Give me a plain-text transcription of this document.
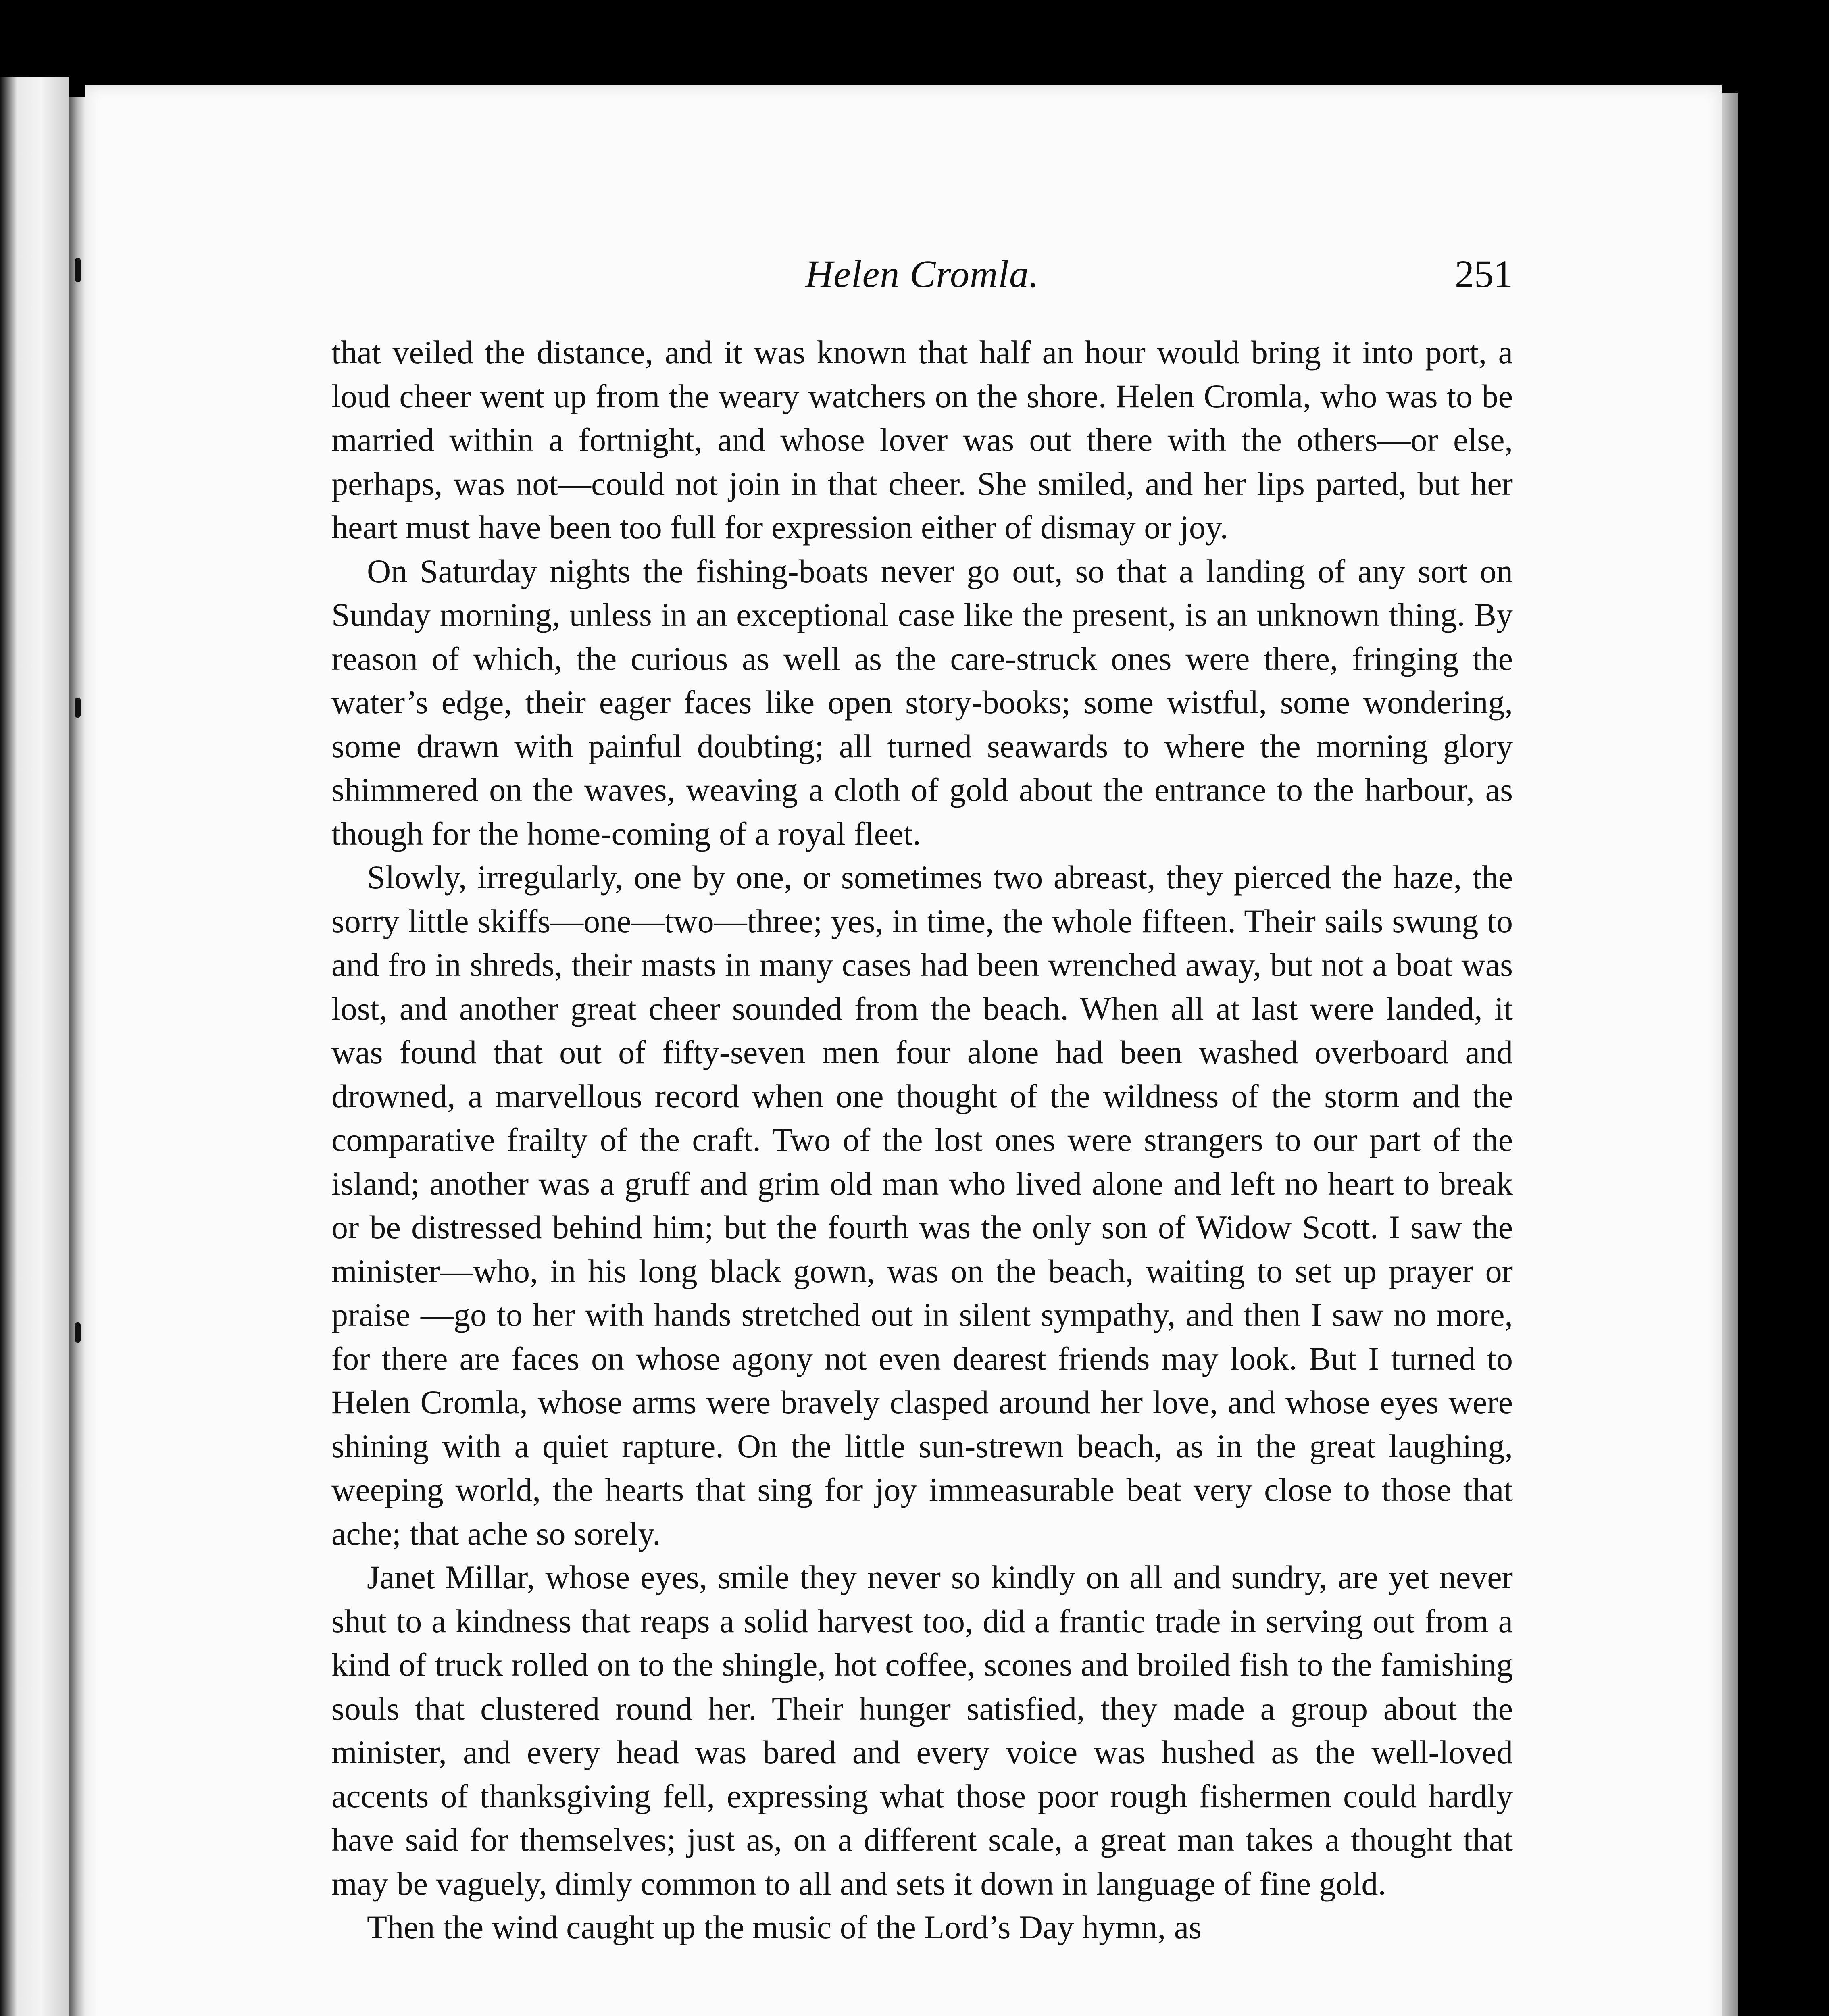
Helen Cromla.	251

that veiled the distance, and it was known that half an hour would bring it into port, a loud cheer went up from the weary watchers on the shore. Helen Cromla, who was to be married within a fortnight, and whose lover was out there with the others—or else, perhaps, was not—could not join in that cheer. She smiled, and her lips parted, but her heart must have been too full for expression either of dismay or joy.

On Saturday nights the fishing-boats never go out, so that a landing of any sort on Sunday morning, unless in an exceptional case like the present, is an unknown thing. By reason of which, the curious as well as the care-struck ones were there, fringing the water’s edge, their eager faces like open story-books; some wistful, some wondering, some drawn with painful doubting; all turned seawards to where the morning glory shimmered on the waves, weaving a cloth of gold about the entrance to the harbour, as though for the home-coming of a royal fleet.

Slowly, irregularly, one by one, or sometimes two abreast, they pierced the haze, the sorry little skiffs—one—two—three; yes, in time, the whole fifteen. Their sails swung to and fro in shreds, their masts in many cases had been wrenched away, but not a boat was lost, and another great cheer sounded from the beach. When all at last were landed, it was found that out of fifty-seven men four alone had been washed overboard and drowned, a marvellous record when one thought of the wildness of the storm and the comparative frailty of the craft. Two of the lost ones were strangers to our part of the island; another was a gruff and grim old man who lived alone and left no heart to break or be distressed behind him; but the fourth was the only son of Widow Scott. I saw the minister—who, in his long black gown, was on the beach, waiting to set up prayer or praise —go to her with hands stretched out in silent sympathy, and then I saw no more, for there are faces on whose agony not even dearest friends may look. But I turned to Helen Cromla, whose arms were bravely clasped around her love, and whose eyes were shining with a quiet rapture. On the little sun-strewn beach, as in the great laughing, weeping world, the hearts that sing for joy immeasurable beat very close to those that ache; that ache so sorely.

Janet Millar, whose eyes, smile they never so kindly on all and sundry, are yet never shut to a kindness that reaps a solid harvest too, did a frantic trade in serving out from a kind of truck rolled on to the shingle, hot coffee, scones and broiled fish to the famishing souls that clustered round her. Their hunger satisfied, they made a group about the minister, and every head was bared and every voice was hushed as the well-loved accents of thanksgiving fell, expressing what those poor rough fishermen could hardly have said for themselves; just as, on a different scale, a great man takes a thought that may be vaguely, dimly common to all and sets it down in language of fine gold.

Then the wind caught up the music of the Lord’s Day hymn, as
